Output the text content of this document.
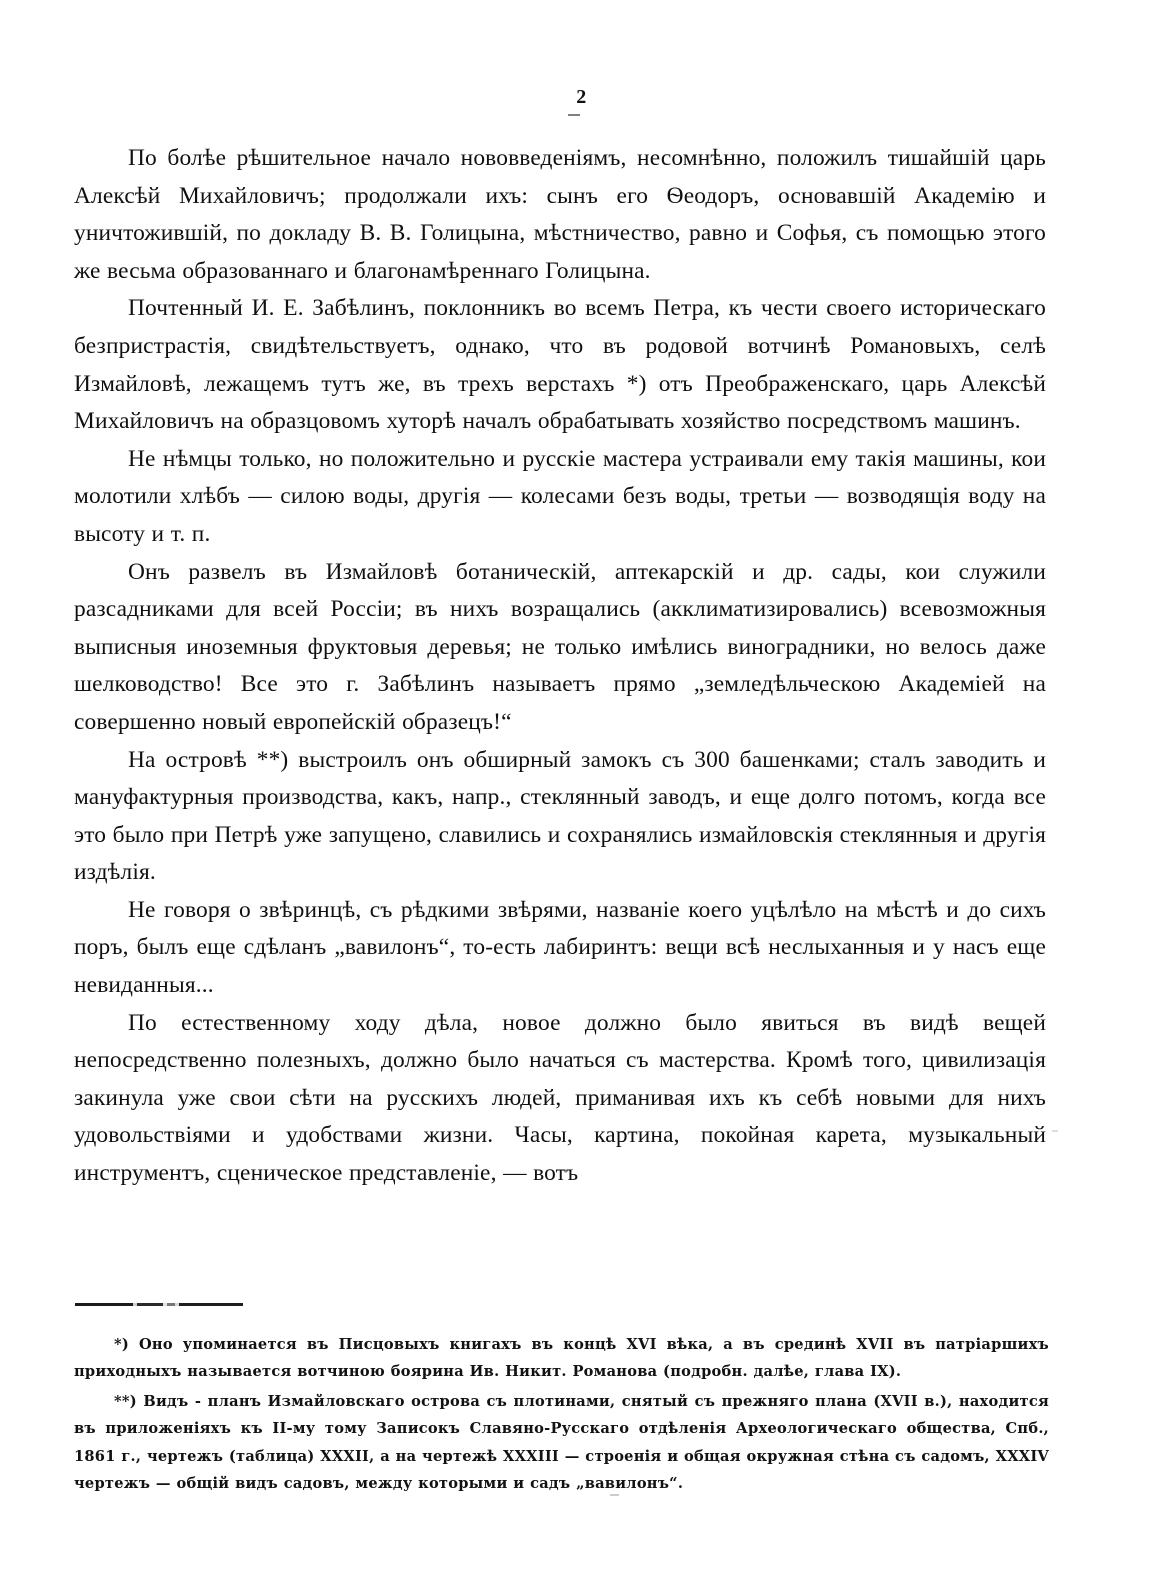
2

По болѣе рѣшительное начало нововведеніямъ, несомнѣнно, положилъ тишайшій царь Алексѣй Михайловичъ; продолжали ихъ: сынъ его Ѳеодоръ, основавшій Академію и уничтожившій, по докладу В. В. Голицына, мѣстничество, равно и Софья, съ помощью этого же весьма образованнаго и благонамѣреннаго Голицына.

Почтенный И. Е. Забѣлинъ, поклонникъ во всемъ Петра, къ чести своего историческаго безпристрастія, свидѣтельствуетъ, однако, что въ родовой вотчинѣ Романовыхъ, селѣ Измайловѣ, лежащемъ тутъ же, въ трехъ верстахъ *) отъ Преображенскаго, царь Алексѣй Михайловичъ на образцовомъ хуторѣ началъ обрабатывать хозяйство посредствомъ машинъ.

Не нѣмцы только, но положительно и русскіе мастера устраивали ему такія машины, кои молотили хлѣбъ — силою воды, другія — колесами безъ воды, третьи — возводящія воду на высоту и т. п.

Онъ развелъ въ Измайловѣ ботаническій, аптекарскій и др. сады, кои служили разсадниками для всей Россіи; въ нихъ возращались (акклиматизировались) всевозможныя выписныя иноземныя фруктовыя деревья; не только имѣлись виноградники, но велось даже шелководство! Все это г. Забѣлинъ называетъ прямо „земледѣльческою Академіей на совершенно новый европейскій образецъ!“

На островѣ **) выстроилъ онъ обширный замокъ съ 300 башенками; сталъ заводить и мануфактурныя производства, какъ, напр., стеклянный заводъ, и еще долго потомъ, когда все это было при Петрѣ уже запущено, славились и сохранялись измайловскія стеклянныя и другія издѣлія.

Не говоря о звѣринцѣ, съ рѣдкими звѣрями, названіе коего уцѣлѣло на мѣстѣ и до сихъ поръ, былъ еще сдѣланъ „вавилонъ“, то-есть лабиринтъ: вещи всѣ неслыханныя и у насъ еще невиданныя...

По естественному ходу дѣла, новое должно было явиться въ видѣ вещей непосредственно полезныхъ, должно было начаться съ мастерства. Кромѣ того, цивилизація закинула уже свои сѣти на русскихъ людей, приманивая ихъ къ себѣ новыми для нихъ удовольствіями и удобствами жизни. Часы, картина, покойная карета, музыкальный инструментъ, сценическое представленіе, — вотъ

*) Оно упоминается въ Писцовыхъ книгахъ въ концѣ XVI вѣка, а въ срединѣ XVII въ патріаршихъ приходныхъ называется вотчиною боярина Ив. Никит. Романова (подробн. далѣе, глава IX).

**) Видъ - планъ Измайловскаго острова съ плотинами, снятый съ прежняго плана (XVII в.), находится въ приложеніяхъ къ II-му тому Записокъ Славяно-Русскаго отдѣленія Археологическаго общества, Спб., 1861 г., чертежъ (таблица) XXXII, а на чертежѣ XXXIII — строенія и общая окружная стѣна съ садомъ, XXXIV чертежъ — общій видъ садовъ, между которыми и садъ „вавилонъ“.
